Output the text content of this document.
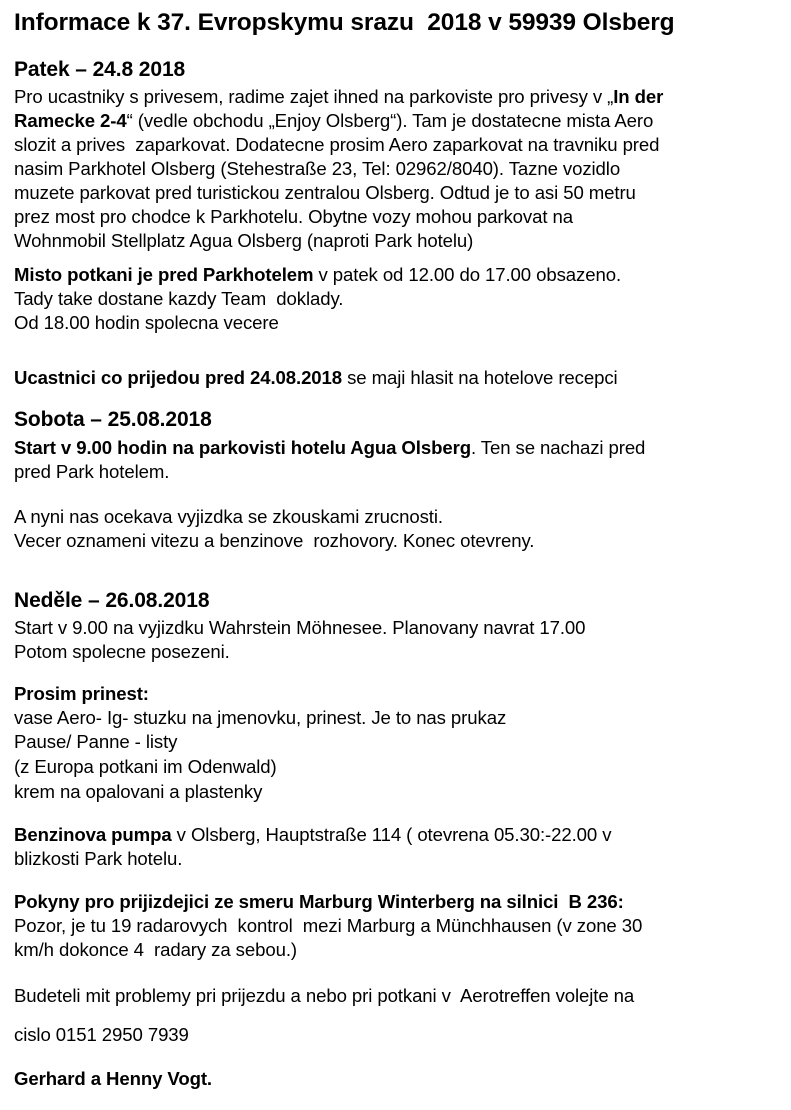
Informace k 37. Evropskymu srazu  2018 v 59939 Olsberg
Patek – 24.8 2018
Pro ucastniky s privesem, radime zajet ihned na parkoviste pro privesy v „In der
Ramecke 2-4“ (vedle obchodu „Enjoy Olsberg“). Tam je dostatecne mista Aero
slozit a prives  zaparkovat. Dodatecne prosim Aero zaparkovat na travniku pred
nasim Parkhotel Olsberg (Stehestraße 23, Tel: 02962/8040). Tazne vozidlo
muzete parkovat pred turistickou zentralou Olsberg. Odtud je to asi 50 metru
prez most pro chodce k Parkhotelu. Obytne vozy mohou parkovat na
Wohnmobil Stellplatz Agua Olsberg (naproti Park hotelu)
Misto potkani je pred Parkhotelem v patek od 12.00 do 17.00 obsazeno.
Tady take dostane kazdy Team  doklady.
Od 18.00 hodin spolecna vecere
Ucastnici co prijedou pred 24.08.2018 se maji hlasit na hotelove recepci
Sobota – 25.08.2018
Start v 9.00 hodin na parkovisti hotelu Agua Olsberg. Ten se nachazi pred
pred Park hotelem.
A nyni nas ocekava vyjizdka se zkouskami zrucnosti.
Vecer oznameni vitezu a benzinove  rozhovory. Konec otevreny.
Neděle – 26.08.2018
Start v 9.00 na vyjizdku Wahrstein Möhnesee. Planovany navrat 17.00
Potom spolecne posezeni.
Prosim prinest:
vase Aero- Ig- stuzku na jmenovku, prinest. Je to nas prukaz
Pause/ Panne - listy
(z Europa potkani im Odenwald)
krem na opalovani a plastenky
Benzinova pumpa v Olsberg, Hauptstraße 114 ( otevrena 05.30:-22.00 v
blizkosti Park hotelu.
Pokyny pro prijizdejici ze smeru Marburg Winterberg na silnici  B 236:
Pozor, je tu 19 radarovych  kontrol  mezi Marburg a Münchhausen (v zone 30
km/h dokonce 4  radary za sebou.)
Budeteli mit problemy pri prijezdu a nebo pri potkani v  Aerotreffen volejte na
cislo 0151 2950 7939
Gerhard a Henny Vogt.
